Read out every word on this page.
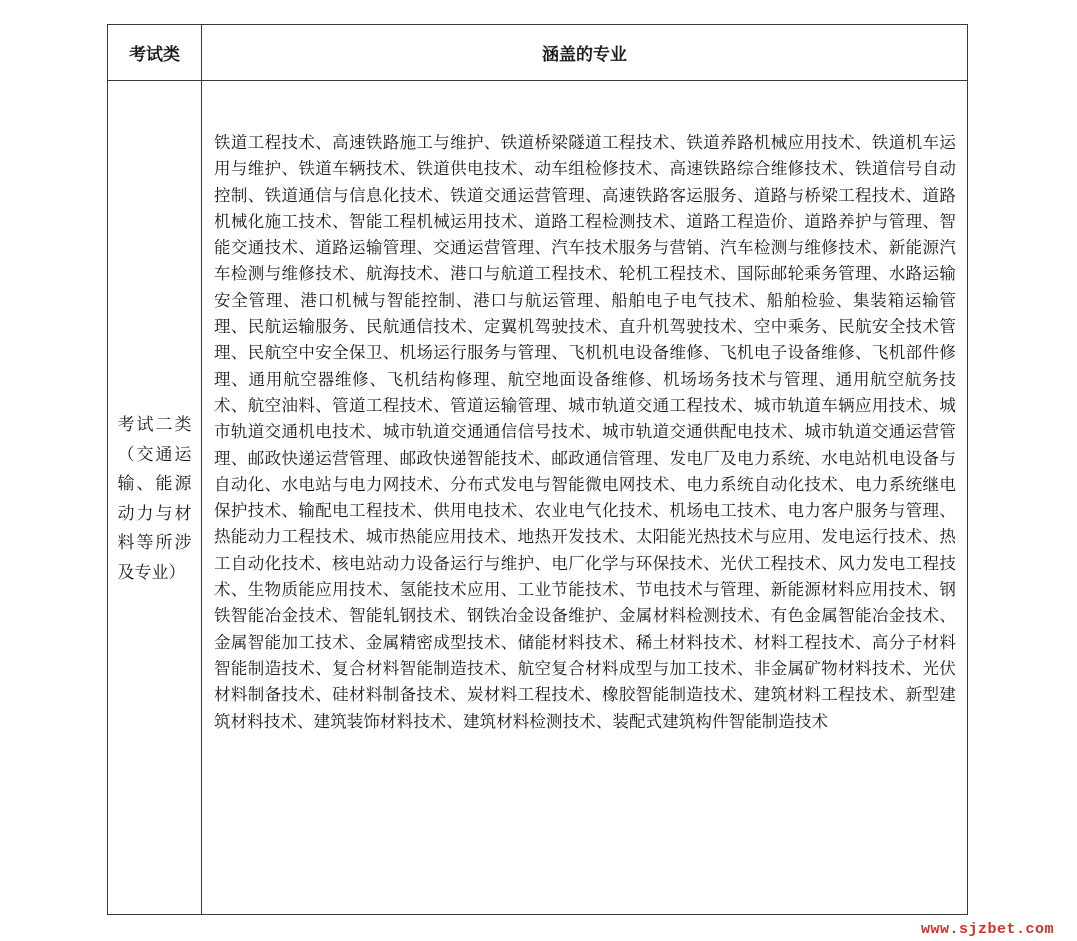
考试类	涵盖的专业
考试二类（交通运输、能源动力与材料等所涉及专业）
铁道工程技术、高速铁路施工与维护、铁道桥梁隧道工程技术、铁道养路机械应用技术、铁道机车运用与维护、铁道车辆技术、铁道供电技术、动车组检修技术、高速铁路综合维修技术、铁道信号自动控制、铁道通信与信息化技术、铁道交通运营管理、高速铁路客运服务、道路与桥梁工程技术、道路机械化施工技术、智能工程机械运用技术、道路工程检测技术、道路工程造价、道路养护与管理、智能交通技术、道路运输管理、交通运营管理、汽车技术服务与营销、汽车检测与维修技术、新能源汽车检测与维修技术、航海技术、港口与航道工程技术、轮机工程技术、国际邮轮乘务管理、水路运输安全管理、港口机械与智能控制、港口与航运管理、船舶电子电气技术、船舶检验、集装箱运输管理、民航运输服务、民航通信技术、定翼机驾驶技术、直升机驾驶技术、空中乘务、民航安全技术管理、民航空中安全保卫、机场运行服务与管理、飞机机电设备维修、飞机电子设备维修、飞机部件修理、通用航空器维修、飞机结构修理、航空地面设备维修、机场场务技术与管理、通用航空航务技术、航空油料、管道工程技术、管道运输管理、城市轨道交通工程技术、城市轨道车辆应用技术、城市轨道交通机电技术、城市轨道交通通信信号技术、城市轨道交通供配电技术、城市轨道交通运营管理、邮政快递运营管理、邮政快递智能技术、邮政通信管理、发电厂及电力系统、水电站机电设备与自动化、水电站与电力网技术、分布式发电与智能微电网技术、电力系统自动化技术、电力系统继电保护技术、输配电工程技术、供用电技术、农业电气化技术、机场电工技术、电力客户服务与管理、热能动力工程技术、城市热能应用技术、地热开发技术、太阳能光热技术与应用、发电运行技术、热工自动化技术、核电站动力设备运行与维护、电厂化学与环保技术、光伏工程技术、风力发电工程技术、生物质能应用技术、氢能技术应用、工业节能技术、节电技术与管理、新能源材料应用技术、钢铁智能冶金技术、智能轧钢技术、钢铁冶金设备维护、金属材料检测技术、有色金属智能冶金技术、金属智能加工技术、金属精密成型技术、储能材料技术、稀土材料技术、材料工程技术、高分子材料智能制造技术、复合材料智能制造技术、航空复合材料成型与加工技术、非金属矿物材料技术、光伏材料制备技术、硅材料制备技术、炭材料工程技术、橡胶智能制造技术、建筑材料工程技术、新型建筑材料技术、建筑装饰材料技术、建筑材料检测技术、装配式建筑构件智能制造技术
www.sjzbet.com
